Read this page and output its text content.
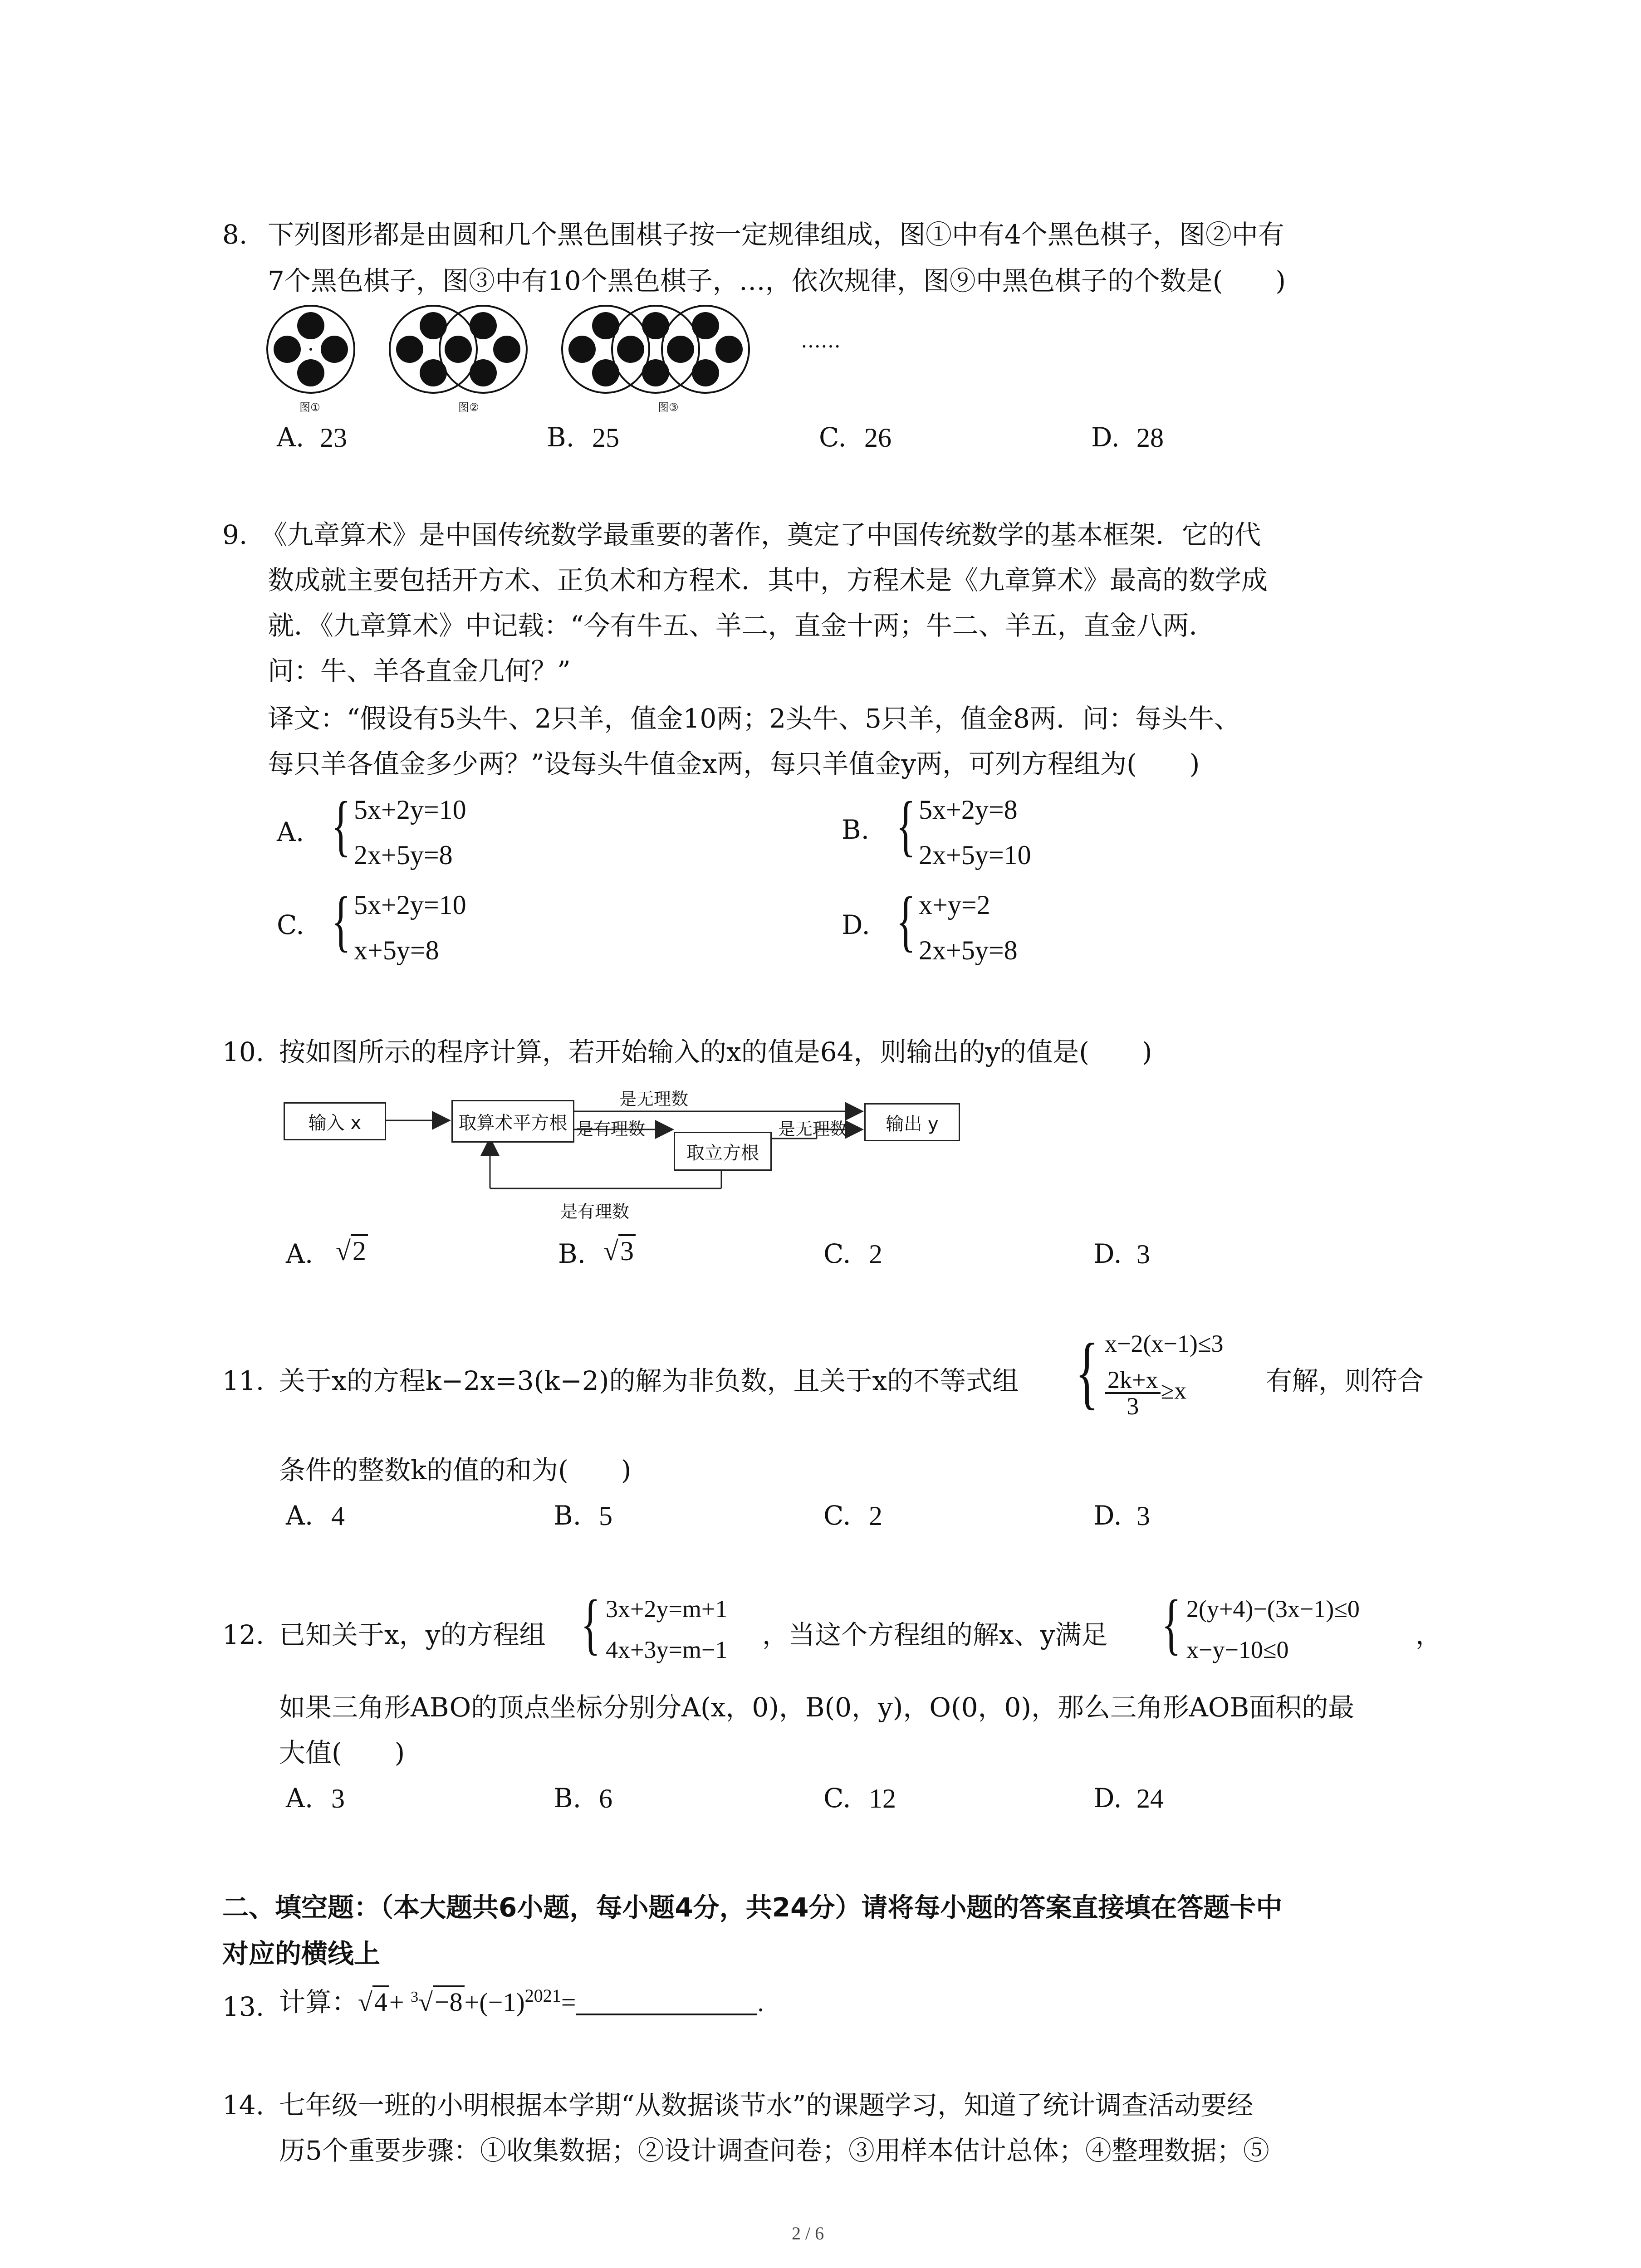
8. 下列图形都是由圆和几个黑色围棋子按一定规律组成，图①中有4个黑色棋子，图②中有
7个黑色棋子，图③中有10个黑色棋子，…，依次规律，图⑨中黑色棋子的个数是(　　)
图①	图②	图③
……
A. 23	B. 25	C. 26	D. 28
9. 《九章算术》是中国传统数学最重要的著作，奠定了中国传统数学的基本框架．它的代
数成就主要包括开方术、正负术和方程术．其中，方程术是《九章算术》最高的数学成
就．《九章算术》中记载：“今有牛五、羊二，直金十两；牛二、羊五，直金八两．
问：牛、羊各直金几何？”
译文：“假设有5头牛、2只羊，值金10两；2头牛、5只羊，值金8两．问：每头牛、
每只羊各值金多少两？”设每头牛值金x两，每只羊值金y两，可列方程组为(　　)
A. { 5x+2y=10
2x+5y=8
B. { 5x+2y=8
2x+5y=10
C. { 5x+2y=10
x+5y=8
D. { x+y=2
2x+5y=8
10. 按如图所示的程序计算，若开始输入的x的值是64，则输出的y的值是(　　)
输入 x	取算术平方根
取立方根
输出 y
是无理数
是有理数	是无理数
是有理数
A. √2	B. √3	C. 2	D. 3
11. 关于x的方程k−2x=3(k−2)的解为非负数，且关于x的不等式组 { x−2(x−1)≤3
$\frac{2k+x}{3} \ge x$	有解，则符合
条件的整数k的值的和为(　　)
A. 4	B. 5	C. 2	D. 3
12. 已知关于x，y的方程组 { 3x+2y=m+1
4x+3y=m−1 ，当这个方程组的解x、y满足 { 2(y+4)−(3x−1)≤0
x−y−10≤0	，
如果三角形ABO的顶点坐标分别分A(x，0)，B(0，y)，O(0，0)，那么三角形AOB面积的最
大值(　　)
A. 3	B. 6	C. 12	D. 24
二、填空题：（本大题共6小题，每小题4分，共24分）请将每小题的答案直接填在答题卡中
对应的横线上
13. 计算：$√4+ ^3√-8+(-1)^{2021}=$	.
14. 七年级一班的小明根据本学期“从数据谈节水”的课题学习，知道了统计调查活动要经
历5个重要步骤：①收集数据；②设计调查问卷；③用样本估计总体；④整理数据；⑤
2 / 6
